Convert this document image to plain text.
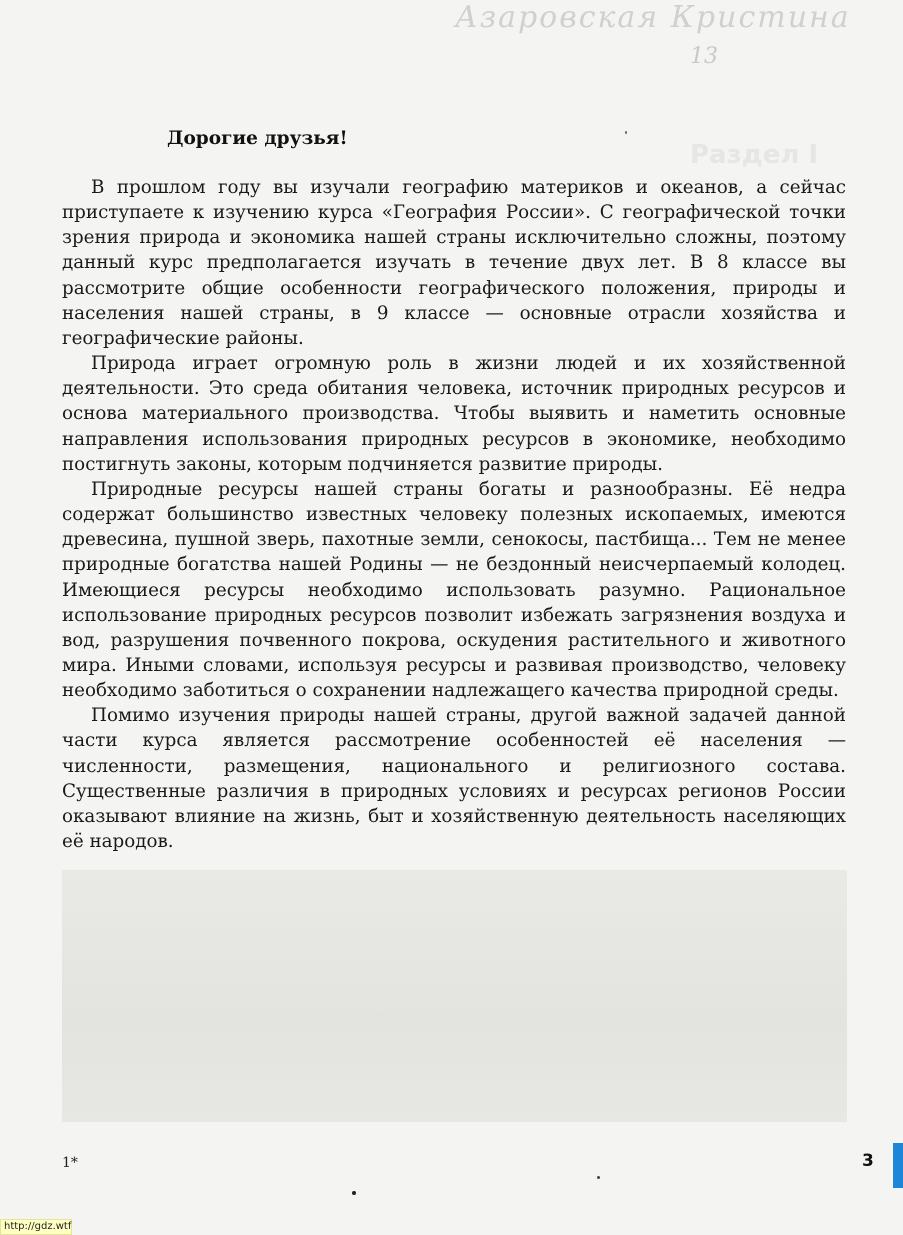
Азаровская Кристина
13
Раздел I
Дорогие друзья!

В прошлом году вы изучали географию материков и океанов, а сейчас приступаете к изучению курса «География России». С географической точки зрения природа и экономика нашей страны исключительно сложны, поэтому данный курс предполагается изучать в течение двух лет. В 8 классе вы рассмотрите общие особенности географического положения, природы и населения нашей страны, в 9 классе — основные отрасли хозяйства и географические районы.

Природа играет огромную роль в жизни людей и их хозяйственной деятельности. Это среда обитания человека, источник природных ресурсов и основа материального производства. Чтобы выявить и наметить основные направления использования природных ресурсов в экономике, необходимо постигнуть законы, которым подчиняется развитие природы.

Природные ресурсы нашей страны богаты и разнообразны. Её недра содержат большинство известных человеку полезных ископаемых, имеются древесина, пушной зверь, пахотные земли, сенокосы, пастбища... Тем не менее природные богатства нашей Родины — не бездонный неисчерпаемый колодец. Имеющиеся ресурсы необходимо использовать разумно. Рациональное использование природных ресурсов позволит избежать загрязнения воздуха и вод, разрушения почвенного покрова, оскудения растительного и животного мира. Иными словами, используя ресурсы и развивая производство, человеку необходимо заботиться о сохранении надлежащего качества природной среды.

Помимо изучения природы нашей страны, другой важной задачей данной части курса является рассмотрение особенностей её населения — численности, размещения, национального и религиозного состава. Существенные различия в природных условиях и ресурсах регионов России оказывают влияние на жизнь, быт и хозяйственную деятельность населяющих её народов.

1*	3
http://gdz.wtf
